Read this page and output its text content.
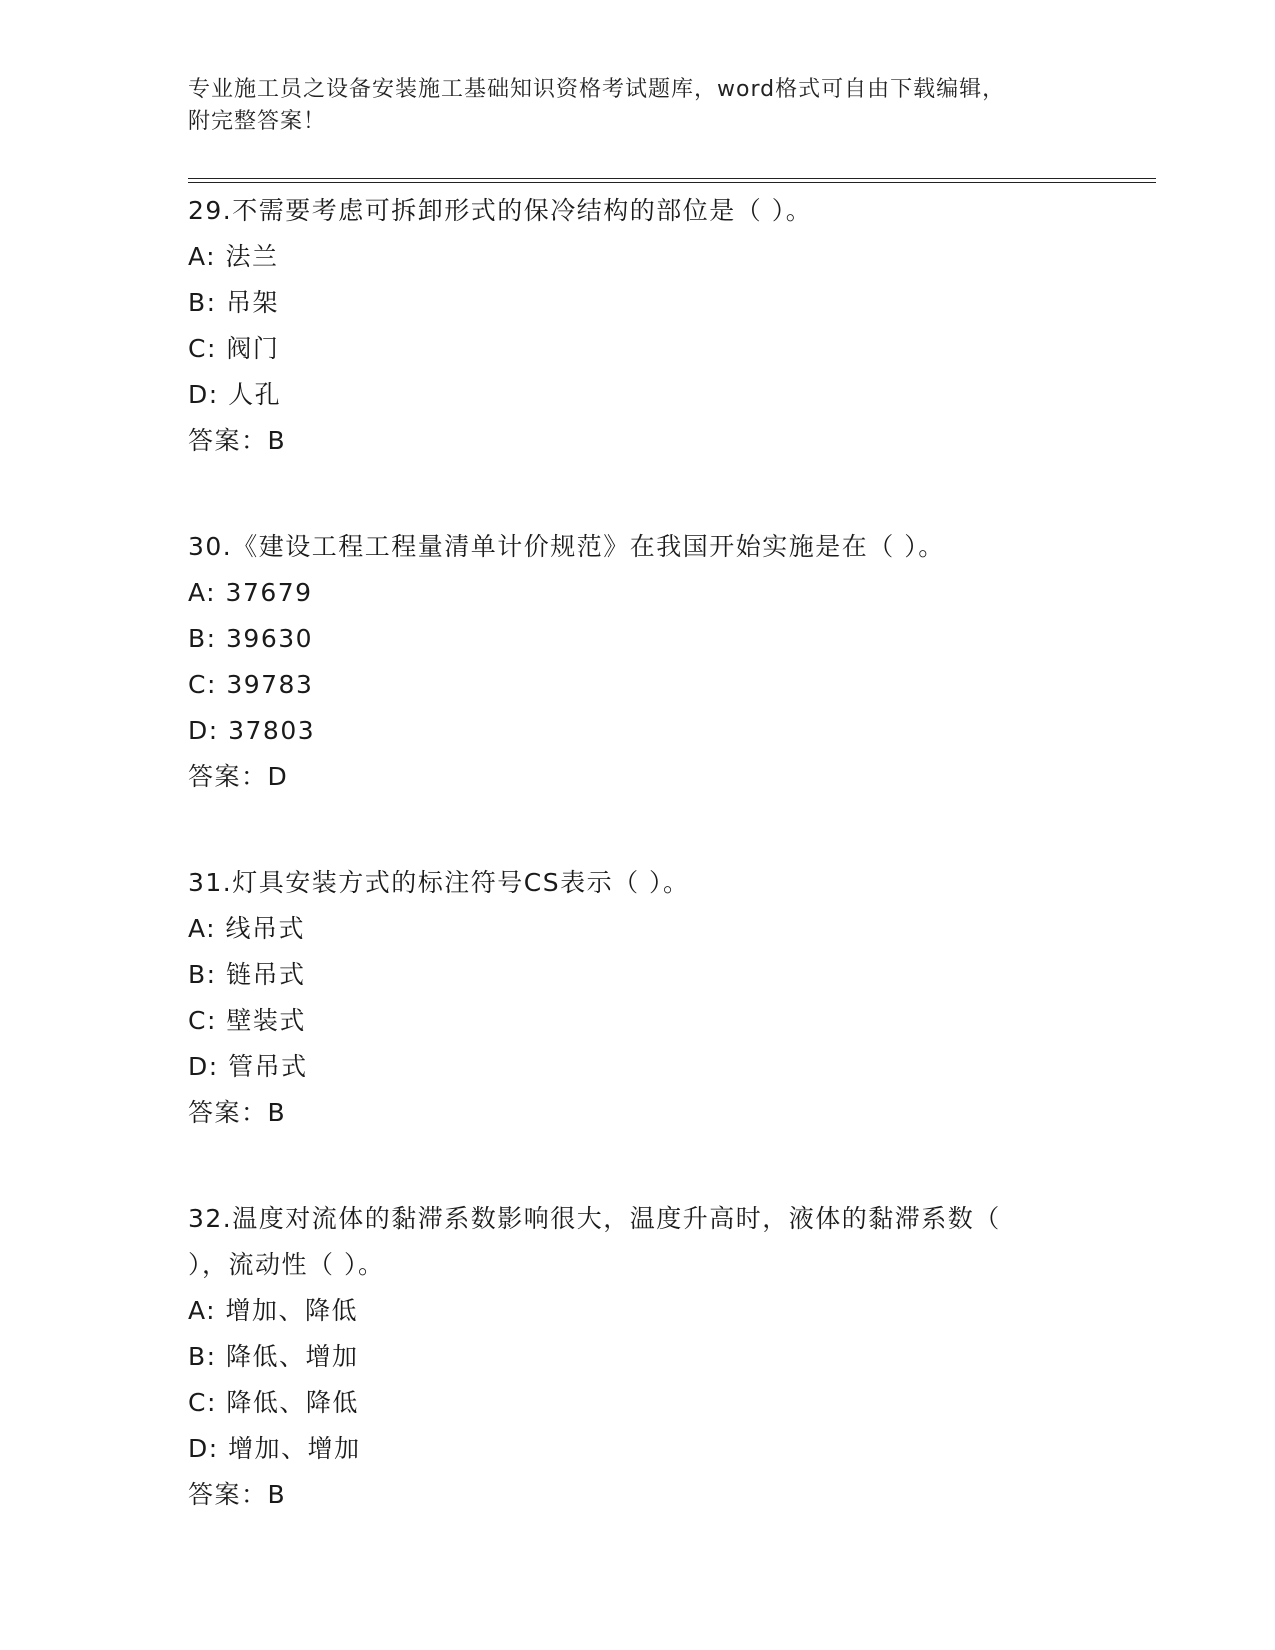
专业施工员之设备安装施工基础知识资格考试题库，word格式可自由下载编辑，
附完整答案！
29.不需要考虑可拆卸形式的保冷结构的部位是（ ）。
A: 法兰
B: 吊架
C: 阀门
D: 人孔
答案：B
30.《建设工程工程量清单计价规范》在我国开始实施是在（ ）。
A: 37679
B: 39630
C: 39783
D: 37803
答案：D
31.灯具安装方式的标注符号CS表示（ ）。
A: 线吊式
B: 链吊式
C: 壁装式
D: 管吊式
答案：B
32.温度对流体的黏滞系数影响很大，温度升高时，液体的黏滞系数（
），流动性（ ）。
A: 增加、降低
B: 降低、增加
C: 降低、降低
D: 增加、增加
答案：B
